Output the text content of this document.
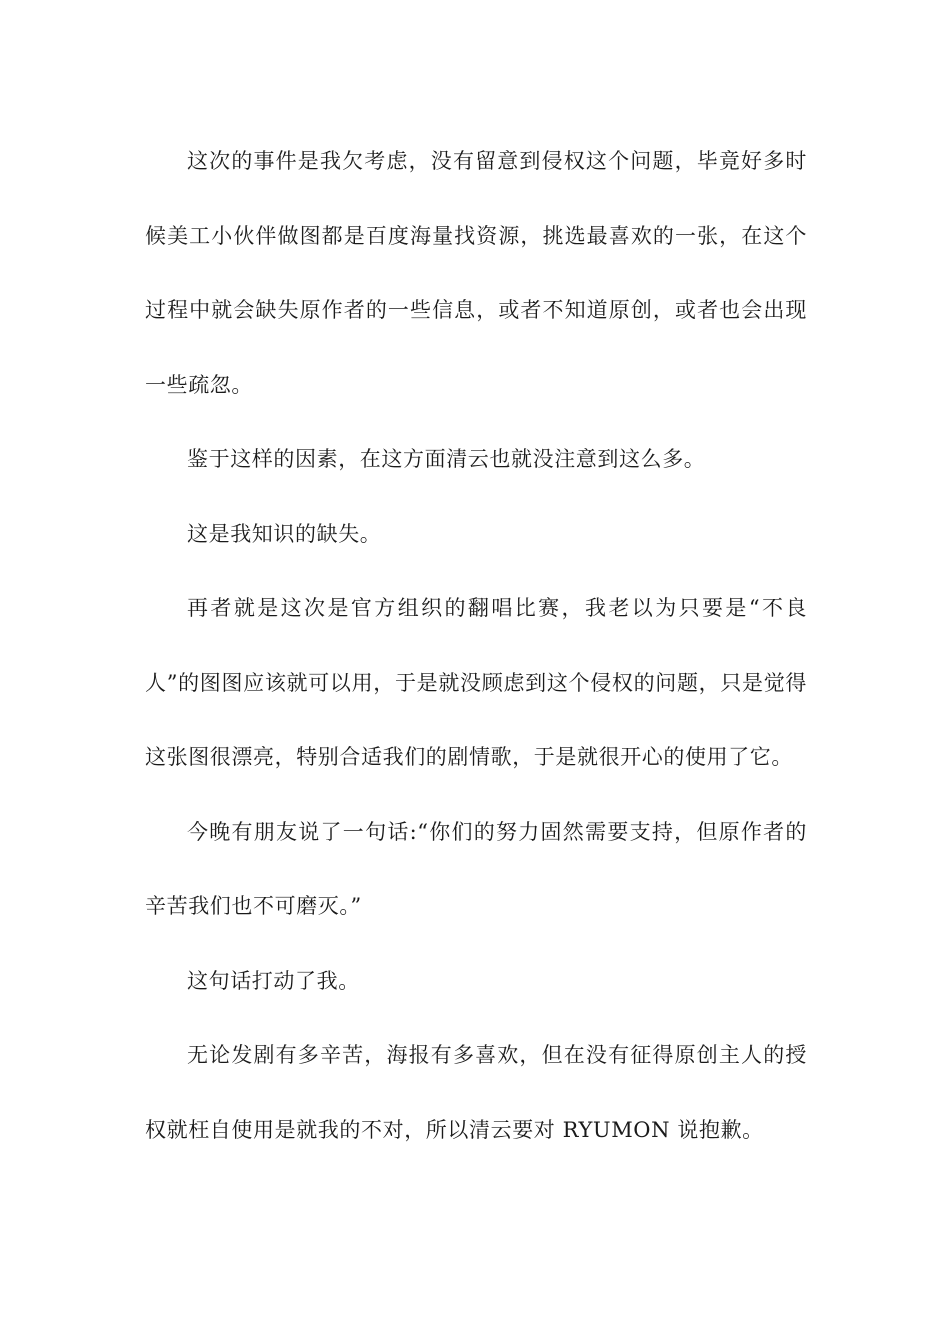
这次的事件是我欠考虑，没有留意到侵权这个问题，毕竟好多时候美工小伙伴做图都是百度海量找资源，挑选最喜欢的一张，在这个过程中就会缺失原作者的一些信息，或者不知道原创，或者也会出现一些疏忽。

鉴于这样的因素，在这方面清云也就没注意到这么多。

这是我知识的缺失。

再者就是这次是官方组织的翻唱比赛，我老以为只要是“不良人”的图图应该就可以用，于是就没顾虑到这个侵权的问题，只是觉得这张图很漂亮，特别合适我们的剧情歌，于是就很开心的使用了它。

今晚有朋友说了一句话:“你们的努力固然需要支持，但原作者的辛苦我们也不可磨灭。”

这句话打动了我。

无论发剧有多辛苦，海报有多喜欢，但在没有征得原创主人的授权就枉自使用是就我的不对，所以清云要对 RYUMON 说抱歉。
